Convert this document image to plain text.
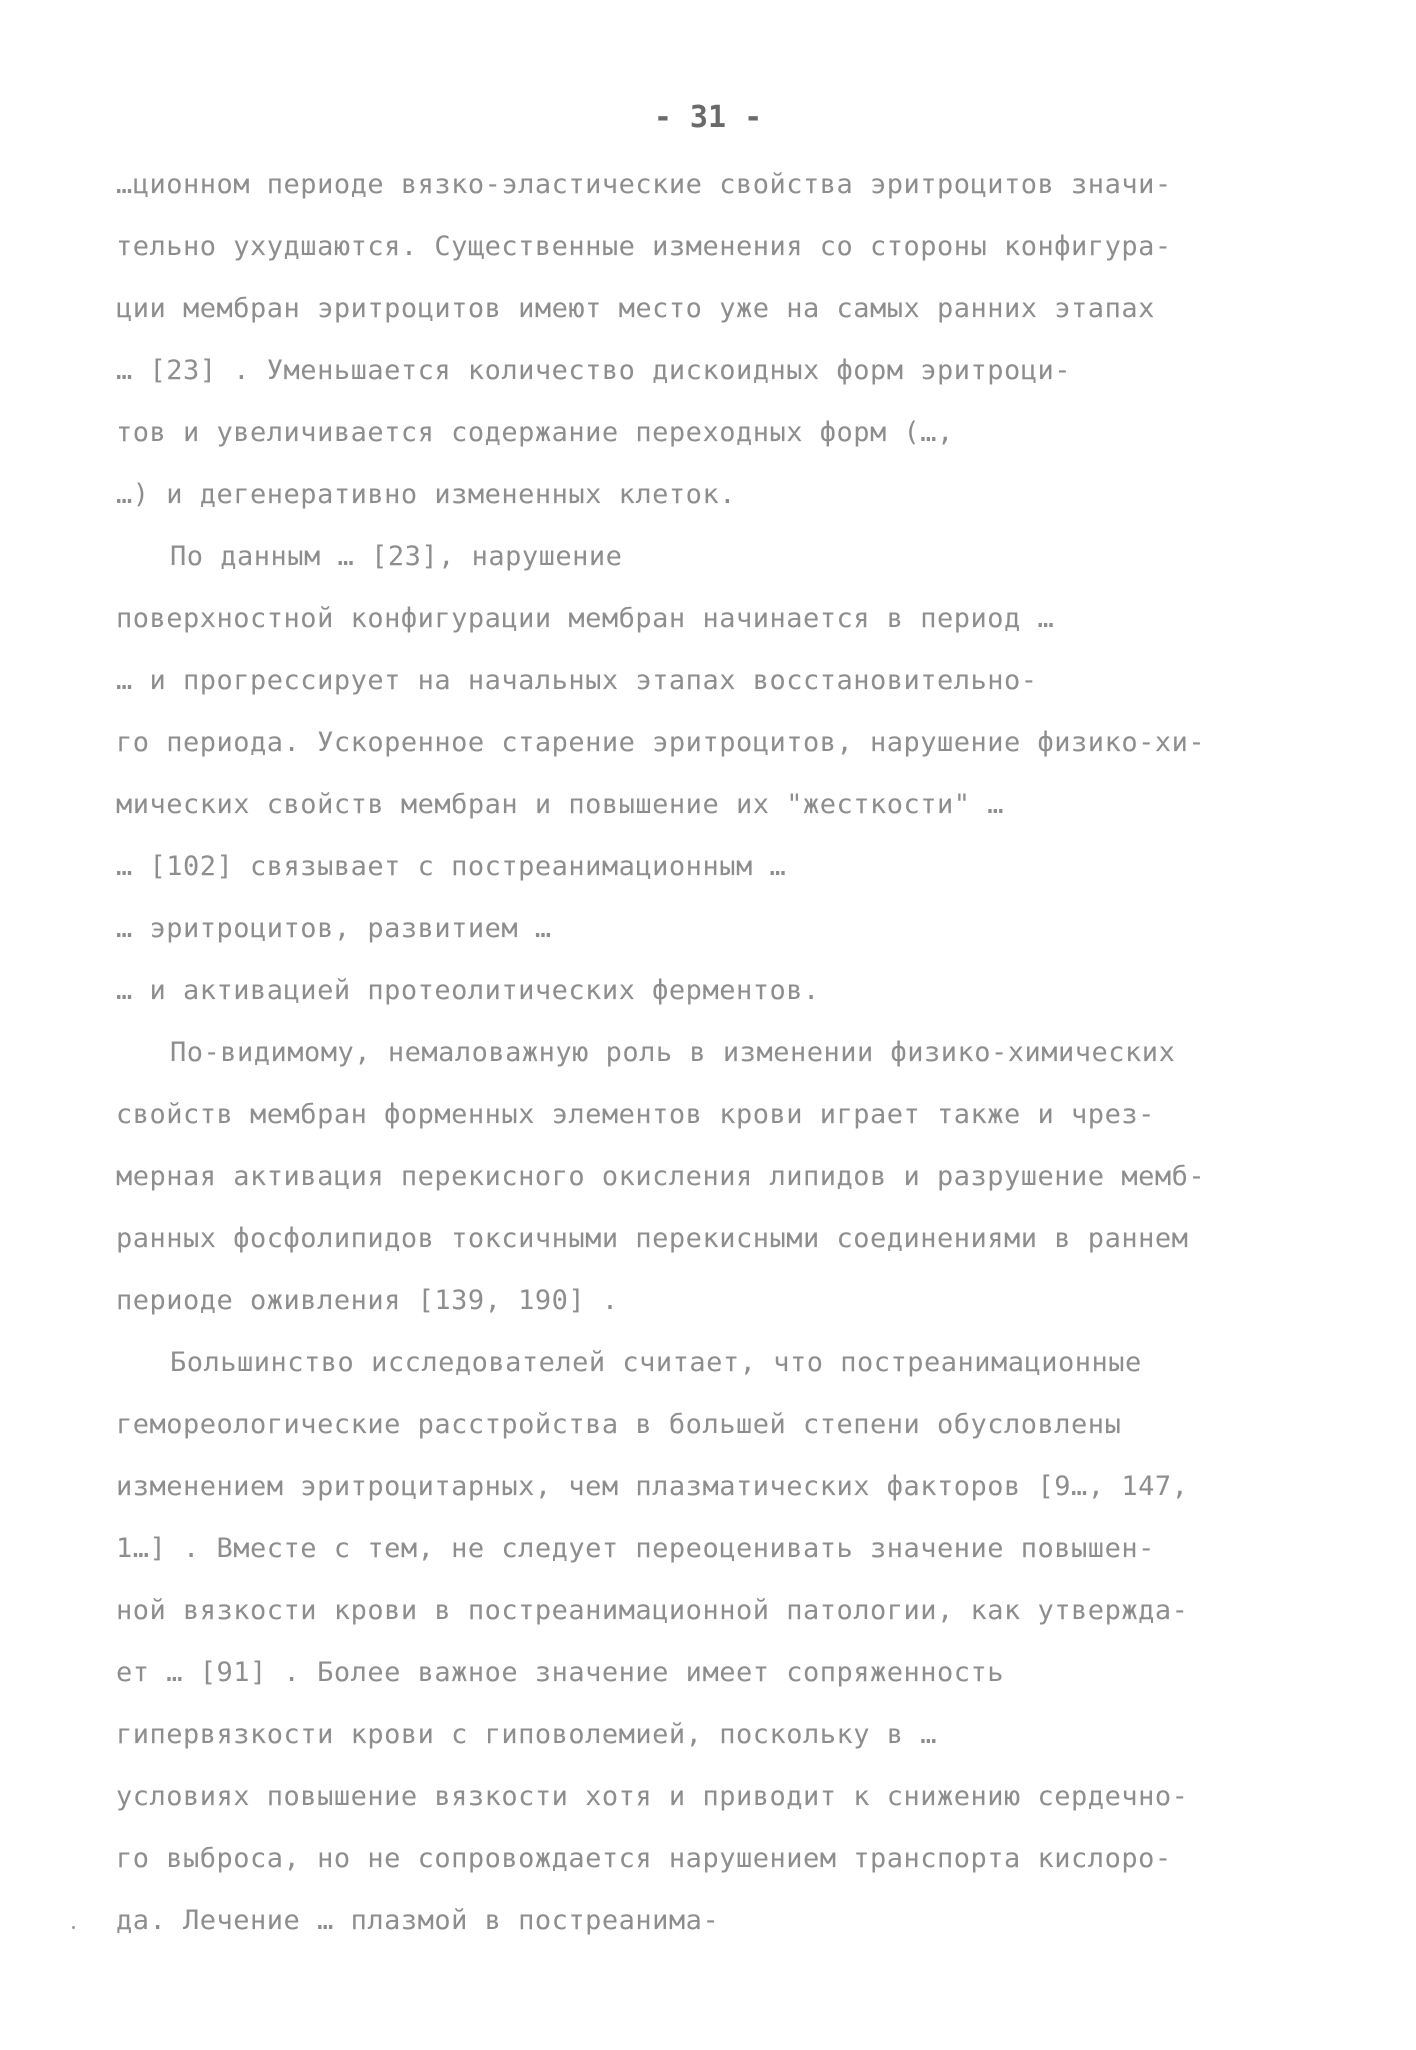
- 31 -
…ционном периоде вязко-эластические свойства эритроцитов значи-
тельно ухудшаются. Существенные изменения со стороны конфигура-
ции мембран эритроцитов имеют место уже на самых ранних этапах
… [23] . Уменьшается количество дискоидных форм эритроци-
тов и увеличивается содержание переходных форм (…,
…) и дегенеративно измененных клеток.
По данным … [23], нарушение
поверхностной конфигурации мембран начинается в период …
… и прогрессирует на начальных этапах восстановительно-
го периода. Ускоренное старение эритроцитов, нарушение физико-хи-
мических свойств мембран и повышение их "жесткости" …
… [102] связывает с постреанимационным …
… эритроцитов, развитием …
… и активацией протеолитических ферментов.
По-видимому, немаловажную роль в изменении физико-химических
свойств мембран форменных элементов крови играет также и чрез-
мерная активация перекисного окисления липидов и разрушение мемб-
ранных фосфолипидов токсичными перекисными соединениями в раннем
периоде оживления [139, 190] .
Большинство исследователей считает, что постреанимационные
гемореологические расстройства в большей степени обусловлены
изменением эритроцитарных, чем плазматических факторов [9…, 147,
1…] . Вместе с тем, не следует переоценивать значение повышен-
ной вязкости крови в постреанимационной патологии, как утвержда-
ет … [91] . Более важное значение имеет сопряженность
гипервязкости крови с гиповолемией, поскольку в …
условиях повышение вязкости хотя и приводит к снижению сердечно-
го выброса, но не сопровождается нарушением транспорта кислоро-
да. Лечение … плазмой в постреанима-
